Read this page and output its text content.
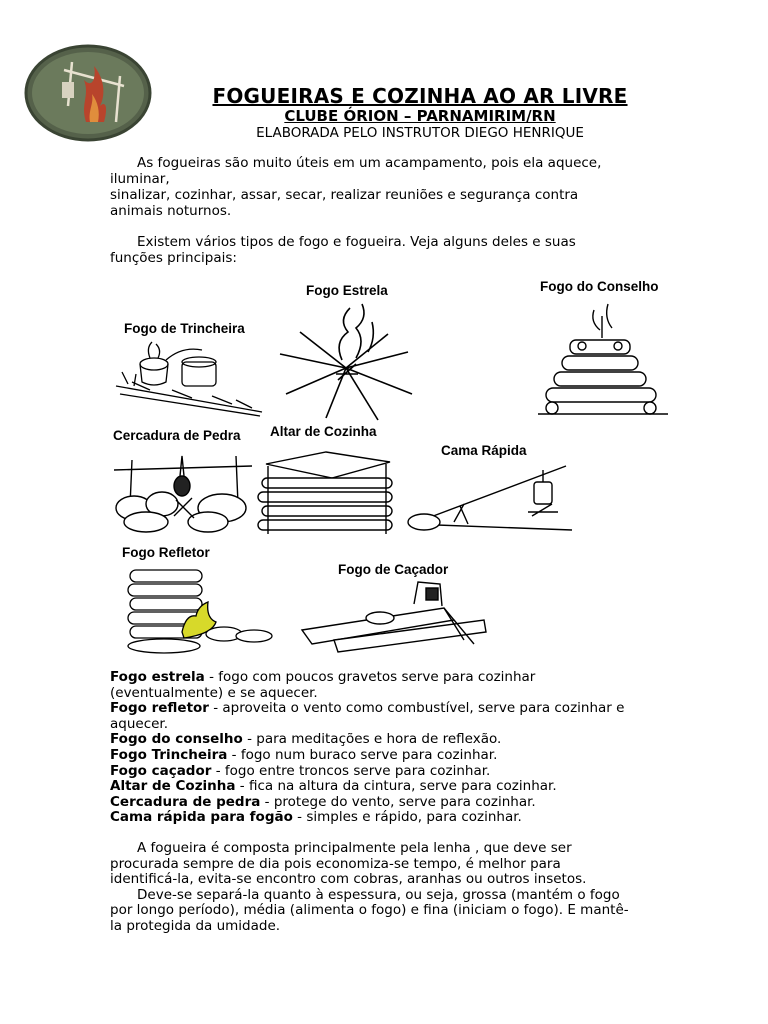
FOGUEIRAS E COZINHA AO AR LIVRE
CLUBE ÓRION – PARNAMIRIM/RN
ELABORADA PELO INSTRUTOR DIEGO HENRIQUE
As fogueiras são muito úteis em um acampamento, pois ela aquece,
iluminar,
sinalizar, cozinhar, assar, secar, realizar reuniões e segurança contra
animais noturnos.
Existem vários tipos de fogo e fogueira. Veja alguns deles e suas
funções principais:
Fogo Estrela	Fogo do Conselho
Fogo de Trincheira
Cercadura de Pedra Altar de Cozinha
Cama Rápida
Fogo Refletor
Fogo de Caçador
Fogo estrela - fogo com poucos gravetos serve para cozinhar
(eventualmente) e se aquecer.
Fogo refletor - aproveita o vento como combustível, serve para cozinhar e
aquecer.
Fogo do conselho - para meditações e hora de reflexão.
Fogo Trincheira - fogo num buraco serve para cozinhar.
Fogo caçador - fogo entre troncos serve para cozinhar.
Altar de Cozinha - fica na altura da cintura, serve para cozinhar.
Cercadura de pedra - protege do vento, serve para cozinhar.
Cama rápida para fogão - simples e rápido, para cozinhar.
A fogueira é composta principalmente pela lenha , que deve ser
procurada sempre de dia pois economiza-se tempo, é melhor para
identificá-la, evita-se encontro com cobras, aranhas ou outros insetos.
Deve-se separá-la quanto à espessura, ou seja, grossa (mantém o fogo
por longo período), média (alimenta o fogo) e fina (iniciam o fogo). E mantê-
la protegida da umidade.
